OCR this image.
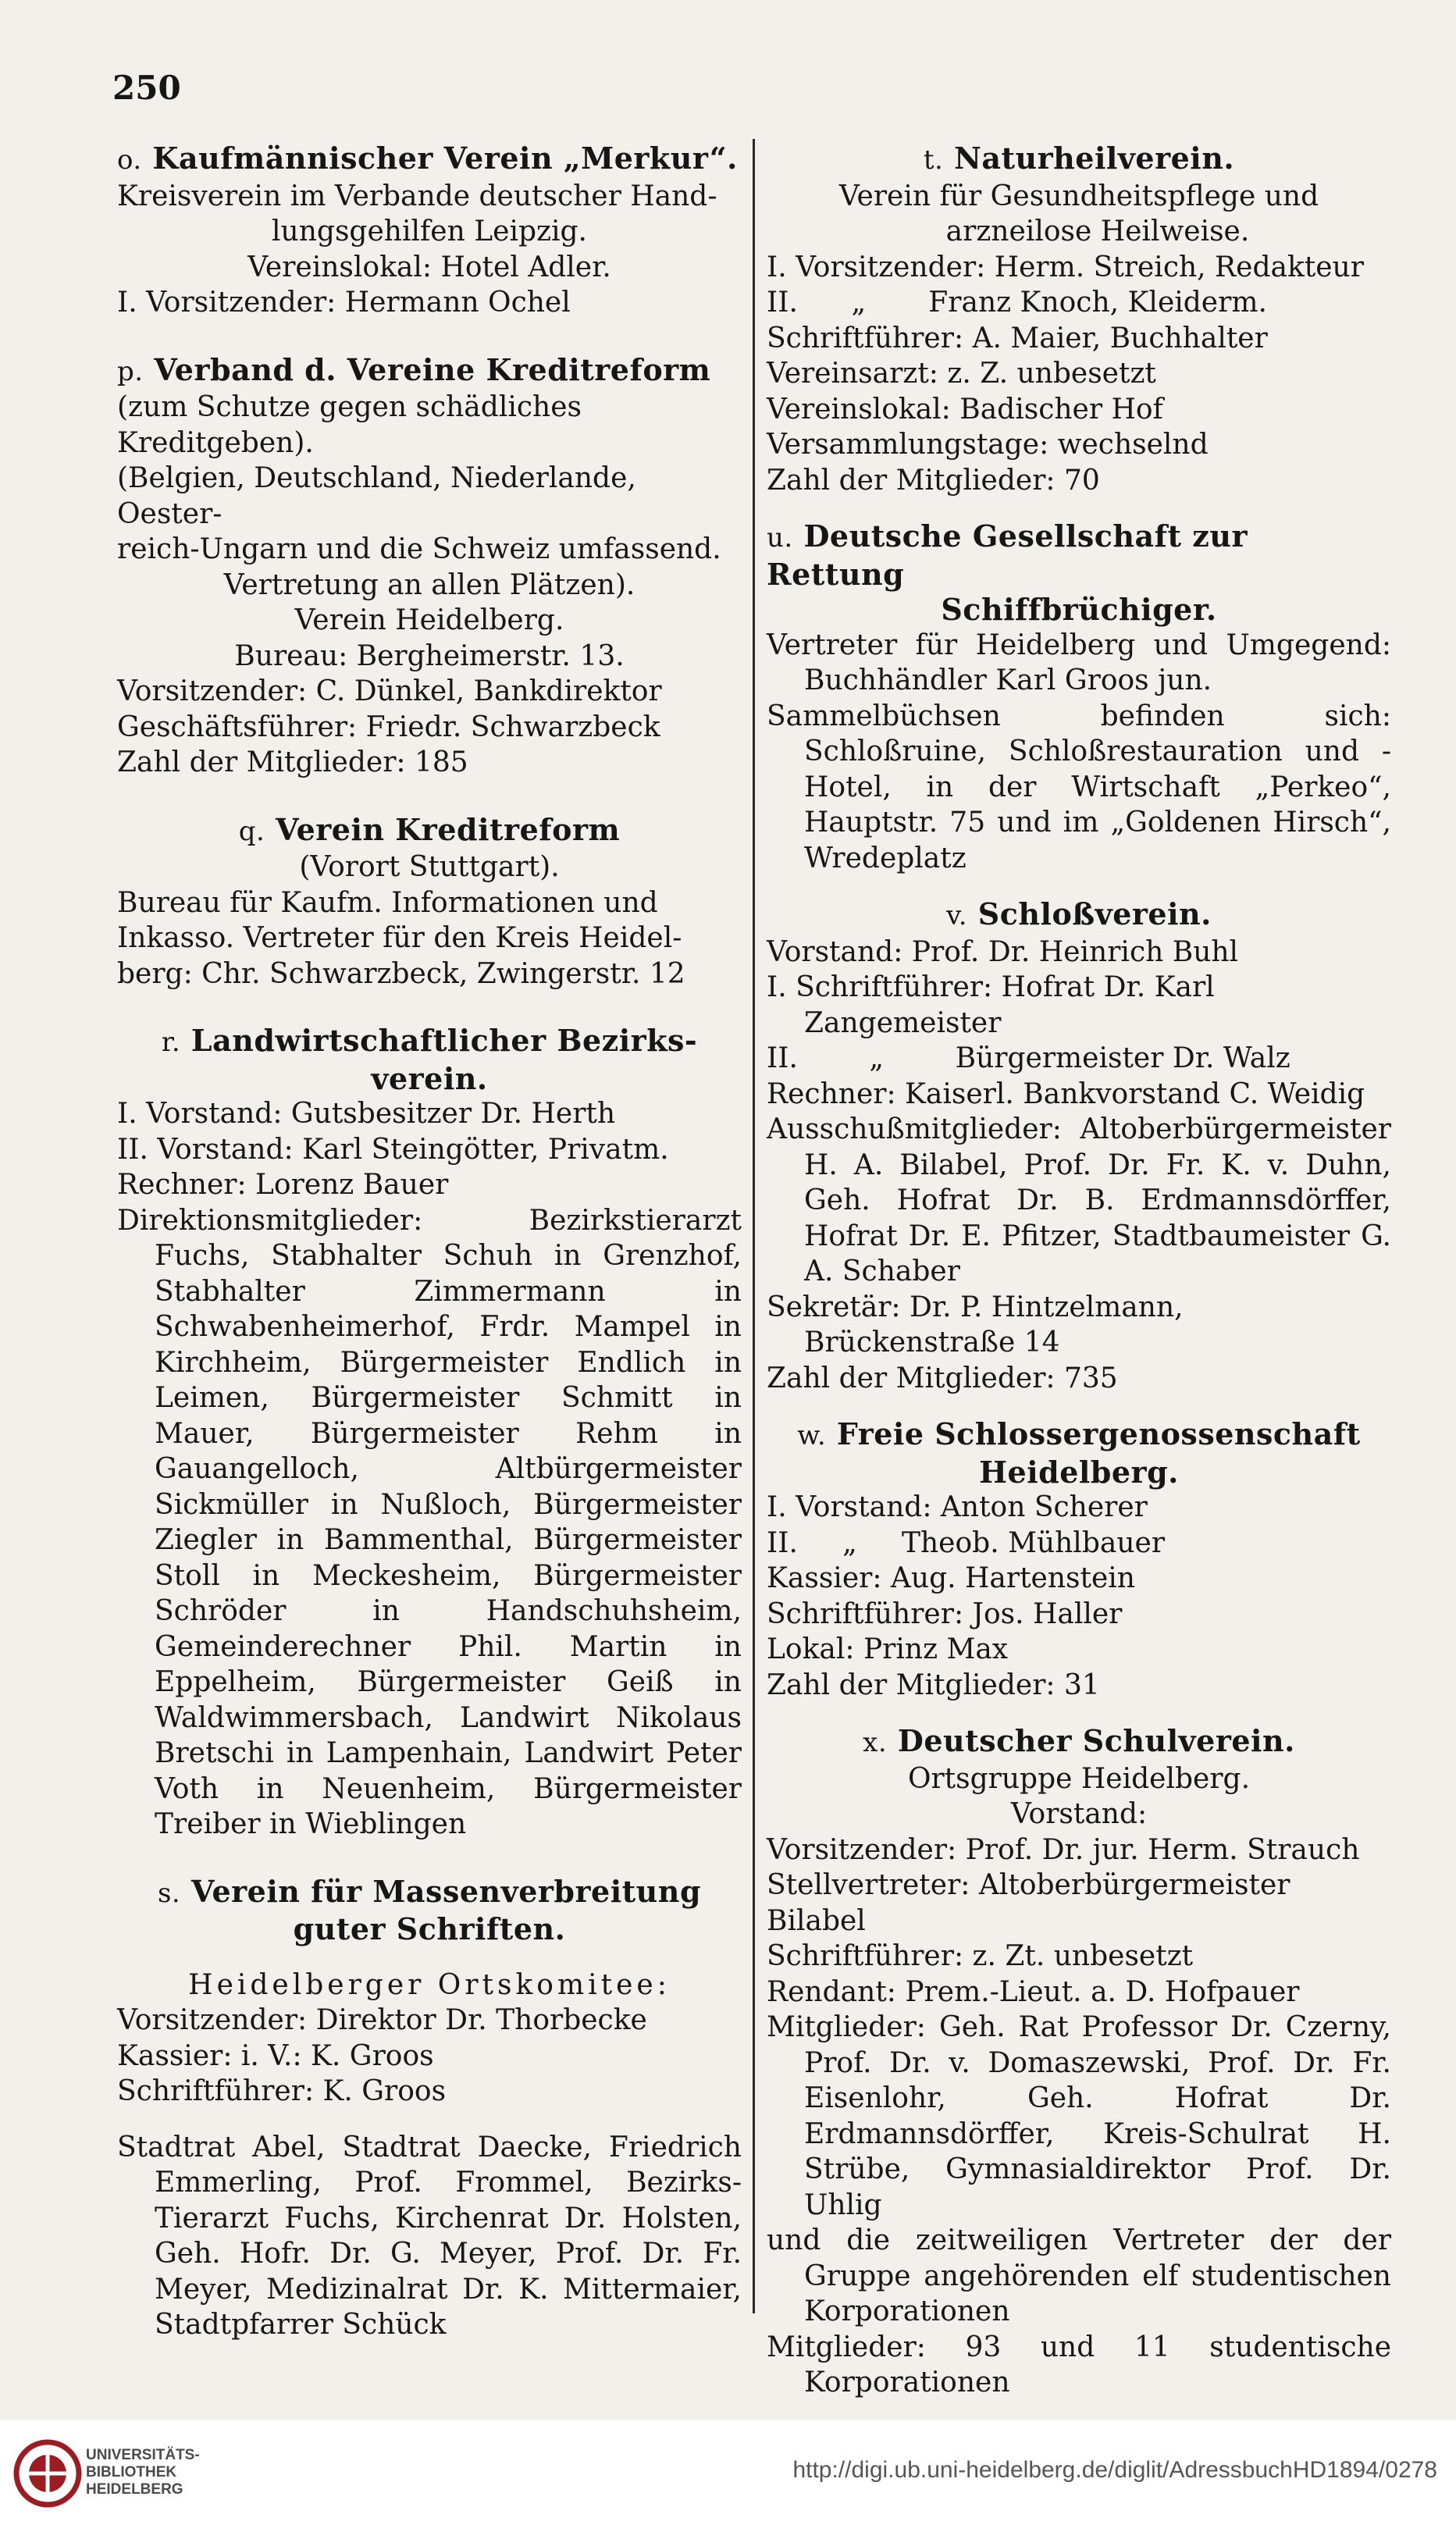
250

o. Kaufmännischer Verein „Merkur“.

Kreisverein im Verbande deutscher Hand-

lungsgehilfen Leipzig.

Vereinslokal: Hotel Adler.

I. Vorsitzender: Hermann Ochel

p. Verband d. Vereine Kreditreform

(zum Schutze gegen schädliches Kreditgeben).

(Belgien, Deutschland, Niederlande, Oester-

reich-Ungarn und die Schweiz umfassend.

Vertretung an allen Plätzen).

Verein Heidelberg.

Bureau: Bergheimerstr. 13.

Vorsitzender: C. Dünkel, Bankdirektor

Geschäftsführer: Friedr. Schwarzbeck

Zahl der Mitglieder: 185

q. Verein Kreditreform

(Vorort Stuttgart).

Bureau für Kaufm. Informationen und

Inkasso. Vertreter für den Kreis Heidel-

berg: Chr. Schwarzbeck, Zwingerstr. 12

r. Landwirtschaftlicher Bezirks-

verein.

I. Vorstand: Gutsbesitzer Dr. Herth

II. Vorstand: Karl Steingötter, Privatm.

Rechner: Lorenz Bauer

Direktionsmitglieder: Bezirkstierarzt Fuchs, Stabhalter Schuh in Grenzhof, Stabhalter Zimmermann in Schwabenheimerhof, Frdr. Mampel in Kirchheim, Bürgermeister Endlich in Leimen, Bürgermeister Schmitt in Mauer, Bürgermeister Rehm in Gauangelloch, Altbürgermeister Sickmüller in Nußloch, Bürgermeister Ziegler in Bammenthal, Bürgermeister Stoll in Meckesheim, Bürgermeister Schröder in Handschuhsheim, Gemeinderechner Phil. Martin in Eppelheim, Bürgermeister Geiß in Waldwimmersbach, Landwirt Nikolaus Bretschi in Lampenhain, Landwirt Peter Voth in Neuenheim, Bürgermeister Treiber in Wieblingen

s. Verein für Massenverbreitung

guter Schriften.

Heidelberger Ortskomitee:

Vorsitzender: Direktor Dr. Thorbecke

Kassier: i. V.: K. Groos

Schriftführer: K. Groos

Stadtrat Abel, Stadtrat Daecke, Friedrich Emmerling, Prof. Frommel, Bezirks-Tierarzt Fuchs, Kirchenrat Dr. Holsten, Geh. Hofr. Dr. G. Meyer, Prof. Dr. Fr. Meyer, Medizinalrat Dr. K. Mittermaier, Stadtpfarrer Schück

t. Naturheilverein.

Verein für Gesundheitspflege und arzneilose Heilweise.

I. Vorsitzender: Herm. Streich, Redakteur

II.      „       Franz Knoch, Kleiderm.

Schriftführer: A. Maier, Buchhalter

Vereinsarzt: z. Z. unbesetzt

Vereinslokal: Badischer Hof

Versammlungstage: wechselnd

Zahl der Mitglieder: 70

u. Deutsche Gesellschaft zur Rettung

Schiffbrüchiger.

Vertreter für Heidelberg und Umgegend: Buchhändler Karl Groos jun.

Sammelbüchsen befinden sich: Schloßruine, Schloßrestauration und -Hotel, in der Wirtschaft „Perkeo“, Hauptstr. 75 und im „Goldenen Hirsch“, Wredeplatz

v. Schloßverein.

Vorstand: Prof. Dr. Heinrich Buhl

I. Schriftführer: Hofrat Dr. Karl Zangemeister

II.        „        Bürgermeister Dr. Walz

Rechner: Kaiserl. Bankvorstand C. Weidig

Ausschußmitglieder: Altoberbürgermeister H. A. Bilabel, Prof. Dr. Fr. K. v. Duhn, Geh. Hofrat Dr. B. Erdmannsdörffer, Hofrat Dr. E. Pfitzer, Stadtbaumeister G. A. Schaber

Sekretär: Dr. P. Hintzelmann, Brückenstraße 14

Zahl der Mitglieder: 735

w. Freie Schlossergenossenschaft

Heidelberg.

I. Vorstand: Anton Scherer

II.     „     Theob. Mühlbauer

Kassier: Aug. Hartenstein

Schriftführer: Jos. Haller

Lokal: Prinz Max

Zahl der Mitglieder: 31

x. Deutscher Schulverein.

Ortsgruppe Heidelberg.

Vorstand:

Vorsitzender: Prof. Dr. jur. Herm. Strauch

Stellvertreter: Altoberbürgermeister Bilabel

Schriftführer: z. Zt. unbesetzt

Rendant: Prem.-Lieut. a. D. Hofpauer

Mitglieder: Geh. Rat Professor Dr. Czerny, Prof. Dr. v. Domaszewski, Prof. Dr. Fr. Eisenlohr, Geh. Hofrat Dr. Erdmannsdörffer, Kreis-Schulrat H. Strübe, Gymnasialdirektor Prof. Dr. Uhlig

und die zeitweiligen Vertreter der der Gruppe angehörenden elf studentischen Korporationen

Mitglieder: 93 und 11 studentische Korporationen

UNIVERSITÄTS-
BIBLIOTHEK
HEIDELBERG
http://digi.ub.uni-heidelberg.de/diglit/AdressbuchHD1894/0278
